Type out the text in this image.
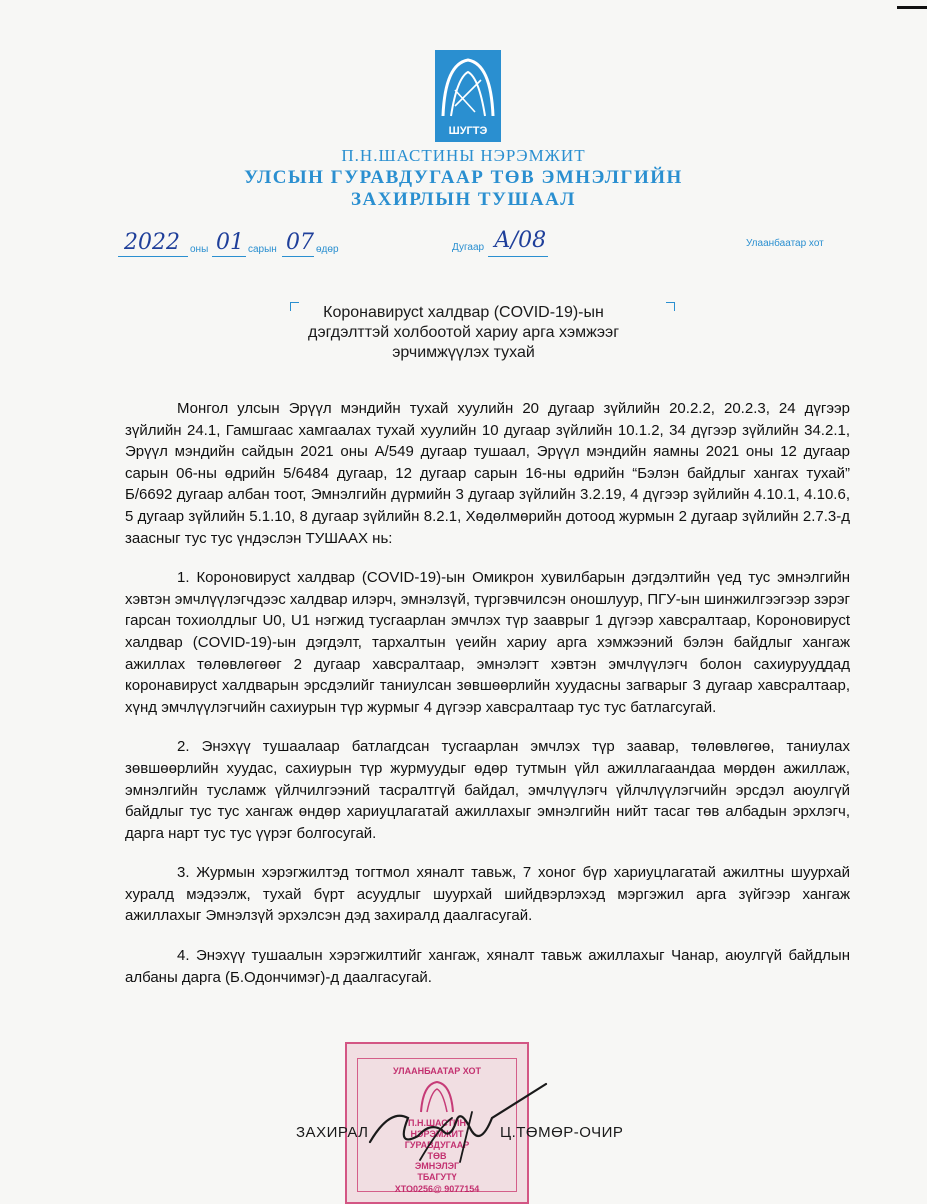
ШУГТЭ
П.Н.ШАСТИНЫ НЭРЭМЖИТ
УЛСЫН ГУРАВДУГААР ТӨВ ЭМНЭЛГИЙН
ЗАХИРЛЫН ТУШААЛ
2022 оны 01 сарын 07 өдөр	Дугаар А/08	Улаанбаатар хот
Коронавирусt халдвар (COVID-19)-ын
дэгдэлттэй холбоотой хариу арга хэмжээг
эрчимжүүлэх тухай

Монгол улсын Эрүүл мэндийн тухай хуулийн 20 дугаар зүйлийн 20.2.2, 20.2.3, 24 дүгээр зүйлийн 24.1, Гамшгаас хамгаалах тухай хуулийн 10 дугаар зүйлийн 10.1.2, 34 дүгээр зүйлийн 34.2.1, Эрүүл мэндийн сайдын 2021 оны А/549 дугаар тушаал, Эрүүл мэндийн яамны 2021 оны 12 дугаар сарын 06-ны өдрийн 5/6484 дугаар, 12 дугаар сарын 16-ны өдрийн “Бэлэн байдлыг хангах тухай” Б/6692 дугаар албан тоот, Эмнэлгийн дүрмийн 3 дугаар зүйлийн 3.2.19, 4 дүгээр зүйлийн 4.10.1, 4.10.6, 5 дугаар зүйлийн 5.1.10, 8 дугаар зүйлийн 8.2.1, Хөдөлмөрийн дотоод журмын 2 дугаар зүйлийн 2.7.3-д заасныг тус тус үндэслэн ТУШААХ нь:

1. Короновирусt халдвар (COVID-19)-ын Омикрон хувилбарын дэгдэлтийн үед тус эмнэлгийн хэвтэн эмчлүүлэгчдээс халдвар илэрч, эмнэлзүй, түргэвчилсэн оношлуур, ПГУ-ын шинжилгээгээр зэрэг гарсан тохиолдлыг U0, U1 нэгжид тусгаарлан эмчлэх түр зааврыг 1 дүгээр хавсралтаар, Короновирусt халдвар (COVID-19)-ын дэгдэлт, тархалтын үеийн хариу арга хэмжээний бэлэн байдлыг хангаж ажиллах төлөвлөгөөг 2 дугаар хавсралтаар, эмнэлэгт хэвтэн эмчлүүлэгч болон сахиурууддад коронавирусt халдварын эрсдэлийг таниулсан зөвшөөрлийн хуудасны загварыг 3 дугаар хавсралтаар, хүнд эмчлүүлэгчийн сахиурын түр журмыг 4 дүгээр хавсралтаар тус тус батлагсугай.

2. Энэхүү тушаалаар батлагдсан тусгаарлан эмчлэх түр заавар, төлөвлөгөө, таниулах зөвшөөрлийн хуудас, сахиурын түр журмуудыг өдөр тутмын үйл ажиллагаандаа мөрдөн ажиллаж, эмнэлгийн тусламж үйлчилгээний тасралтгүй байдал, эмчлүүлэгч үйлчлүүлэгчийн эрсдэл аюулгүй байдлыг тус тус хангаж өндөр хариуцлагатай ажиллахыг эмнэлгийн нийт тасаг төв албадын эрхлэгч, дарга нарт тус тус үүрэг болгосугай.

3. Журмын хэрэгжилтэд тогтмол хяналт тавьж, 7 хоног бүр хариуцлагатай ажилтны шуурхай хуралд мэдээлж, тухай бүрт асуудлыг шуурхай шийдвэрлэхэд мэргэжил арга зүйгээр хангаж ажиллахыг Эмнэлзүй эрхэлсэн дэд захиралд даалгасугай.

4. Энэхүү тушаалын хэрэгжилтийг хангаж, хяналт тавьж ажиллахыг Чанар, аюулгүй байдлын албаны дарга (Б.Одончимэг)-д даалгасугай.

УЛААНБААТАР ХОТ
П.Н.ШАСТИН
НЭРЭМЖИТ
ГУРАВДУГААР
ТӨВ
ЭМНЭЛЭГ
ТБАГУТҮ
ХТО0256@ 9077154
ЗАХИРАЛ	Ц.ТӨМӨР-ОЧИР
